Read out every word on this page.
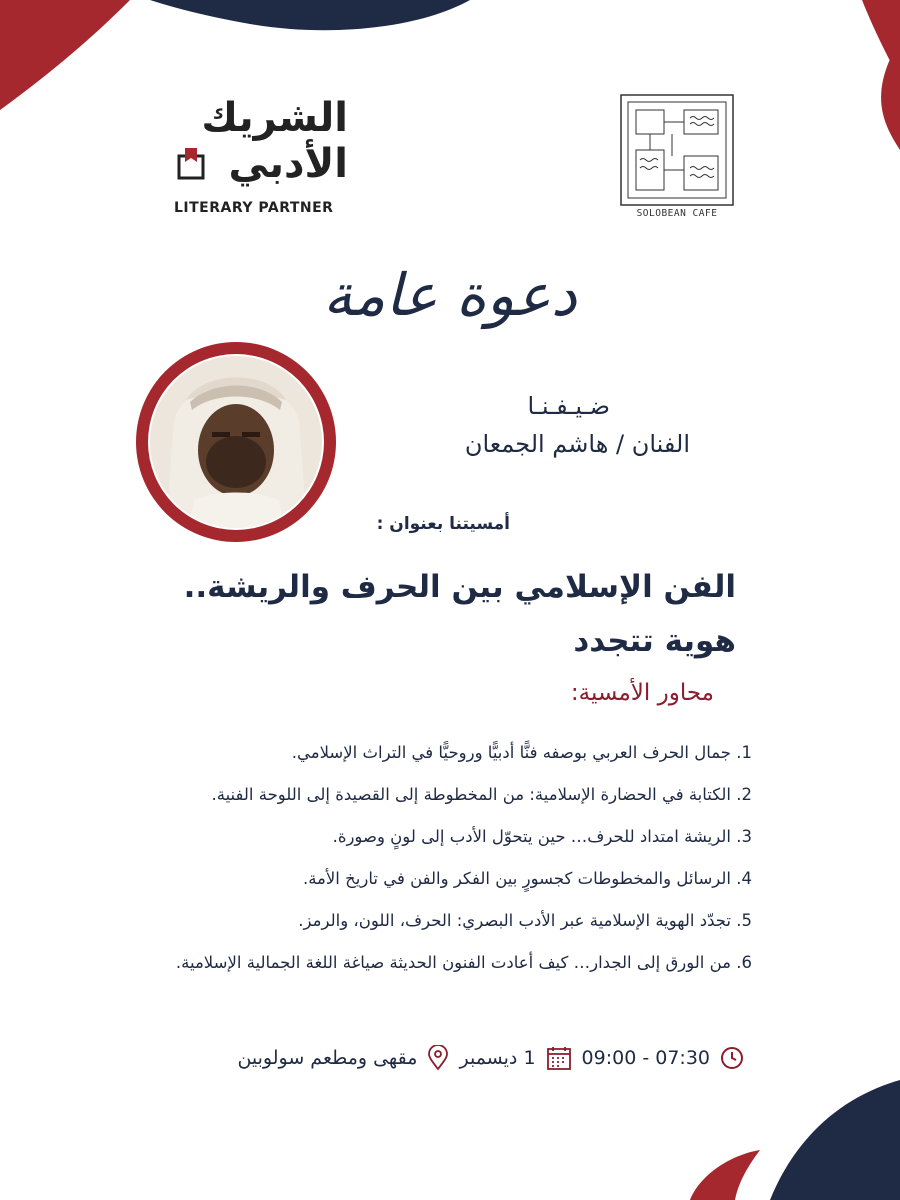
الشريك
الأدبي
LITERARY PARTNER	SOLOBEAN CAFE
دعوة عامة
ضـيـفـنـا
الفنان / هاشم الجمعان
أمسيتنا بعنوان :
الفن الإسلامي بين الحرف والريشة.. هوية تتجدد
محاور الأمسية:
1. جمال الحرف العربي بوصفه فنًّا أدبيًّا وروحيًّا في التراث الإسلامي.
2. الكتابة في الحضارة الإسلامية: من المخطوطة إلى القصيدة إلى اللوحة الفنية.
3. الريشة امتداد للحرف… حين يتحوّل الأدب إلى لونٍ وصورة.
4. الرسائل والمخطوطات كجسورٍ بين الفكر والفن في تاريخ الأمة.
5. تجدّد الهوية الإسلامية عبر الأدب البصري: الحرف، اللون، والرمز.
6. من الورق إلى الجدار… كيف أعادت الفنون الحديثة صياغة اللغة الجمالية الإسلامية.
07:30 - 09:00
1 ديسمبر
مقهى ومطعم سولوبين
